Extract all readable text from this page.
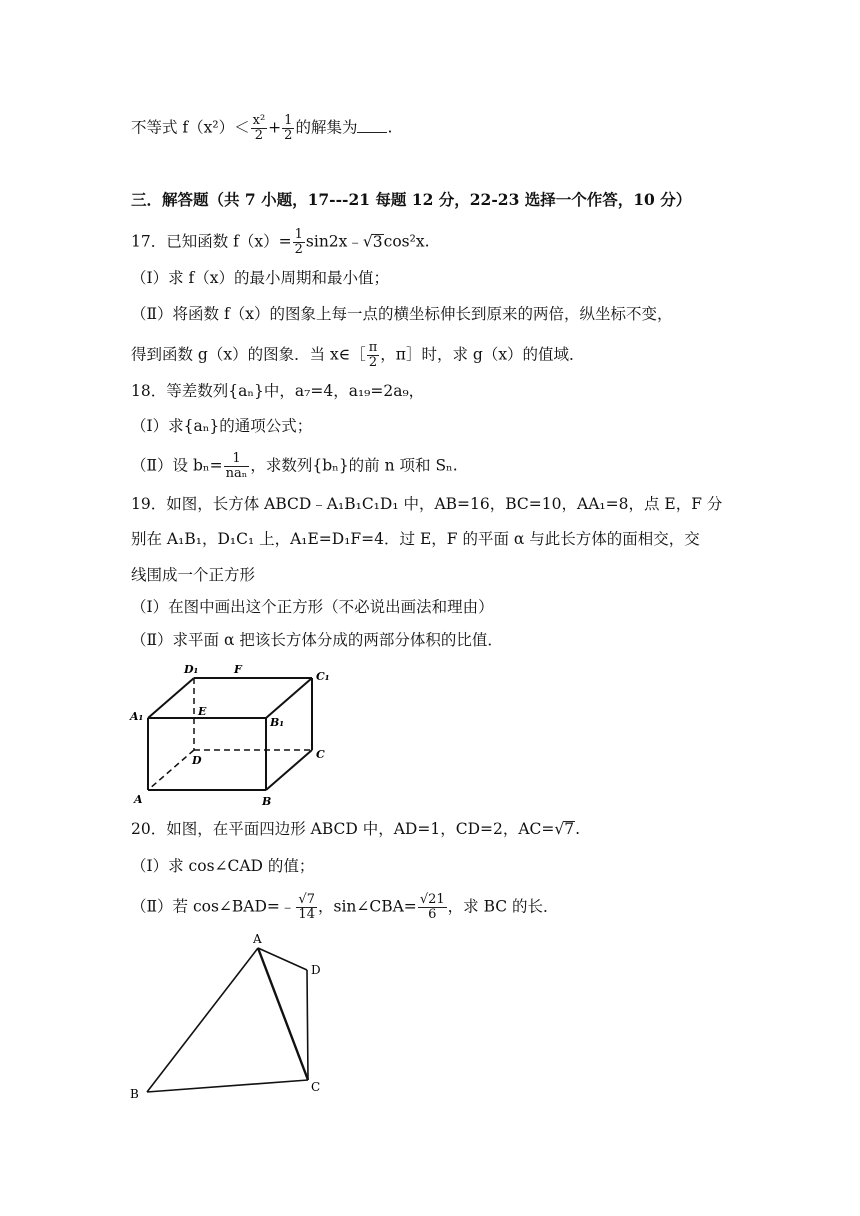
不等式 $f(x^2)< \frac{\text{x²}}{2} + \frac{1}{2}$ 的解集为 .
三．解答题（共 7 小题，17---21 每题 12 分，22-23 选择一个作答，10 分）
17．已知函数 $f(x)= \frac{1}{2}$ sin2x﹣√3cos²x.
（Ⅰ）求 f（x）的最小周期和最小值；
（Ⅱ）将函数 f（x）的图象上每一点的横坐标伸长到原来的两倍，纵坐标不变，
得到函数 g（x）的图象．当 x∈［ $\frac{\pi}{2}$ ，π］时，求 g（x）的值域．
18．等差数列{aₙ}中，a₇=4，a₁₉=2a₉，
（Ⅰ）求{aₙ}的通项公式；
（Ⅱ）设 $b_n= \frac{1}{\text{naₙ}}$ ，求数列{bₙ}的前 n 项和 Sₙ.
19．如图，长方体 ABCD﹣A₁B₁C₁D₁ 中，AB=16，BC=10，AA₁=8，点 E，F 分
别在 A₁B₁，D₁C₁ 上，A₁E=D₁F=4．过 E，F 的平面 α 与此长方体的面相交，交
线围成一个正方形
（Ⅰ）在图中画出这个正方形（不必说出画法和理由）
（Ⅱ）求平面 α 把该长方体分成的两部分体积的比值．
D₁	F
C₁
A₁	E
B₁
D	C
A	B
20．如图，在平面四边形 ABCD 中，AD=1，CD=2，AC=√7.
（Ⅰ）求 cos∠CAD 的值；
（Ⅱ）若 cos∠BAD=﹣ $\frac{√7}{14}$ ，sin∠CBA= $\frac{√21}{6}$ ，求 BC 的长．
A
D
B	C
